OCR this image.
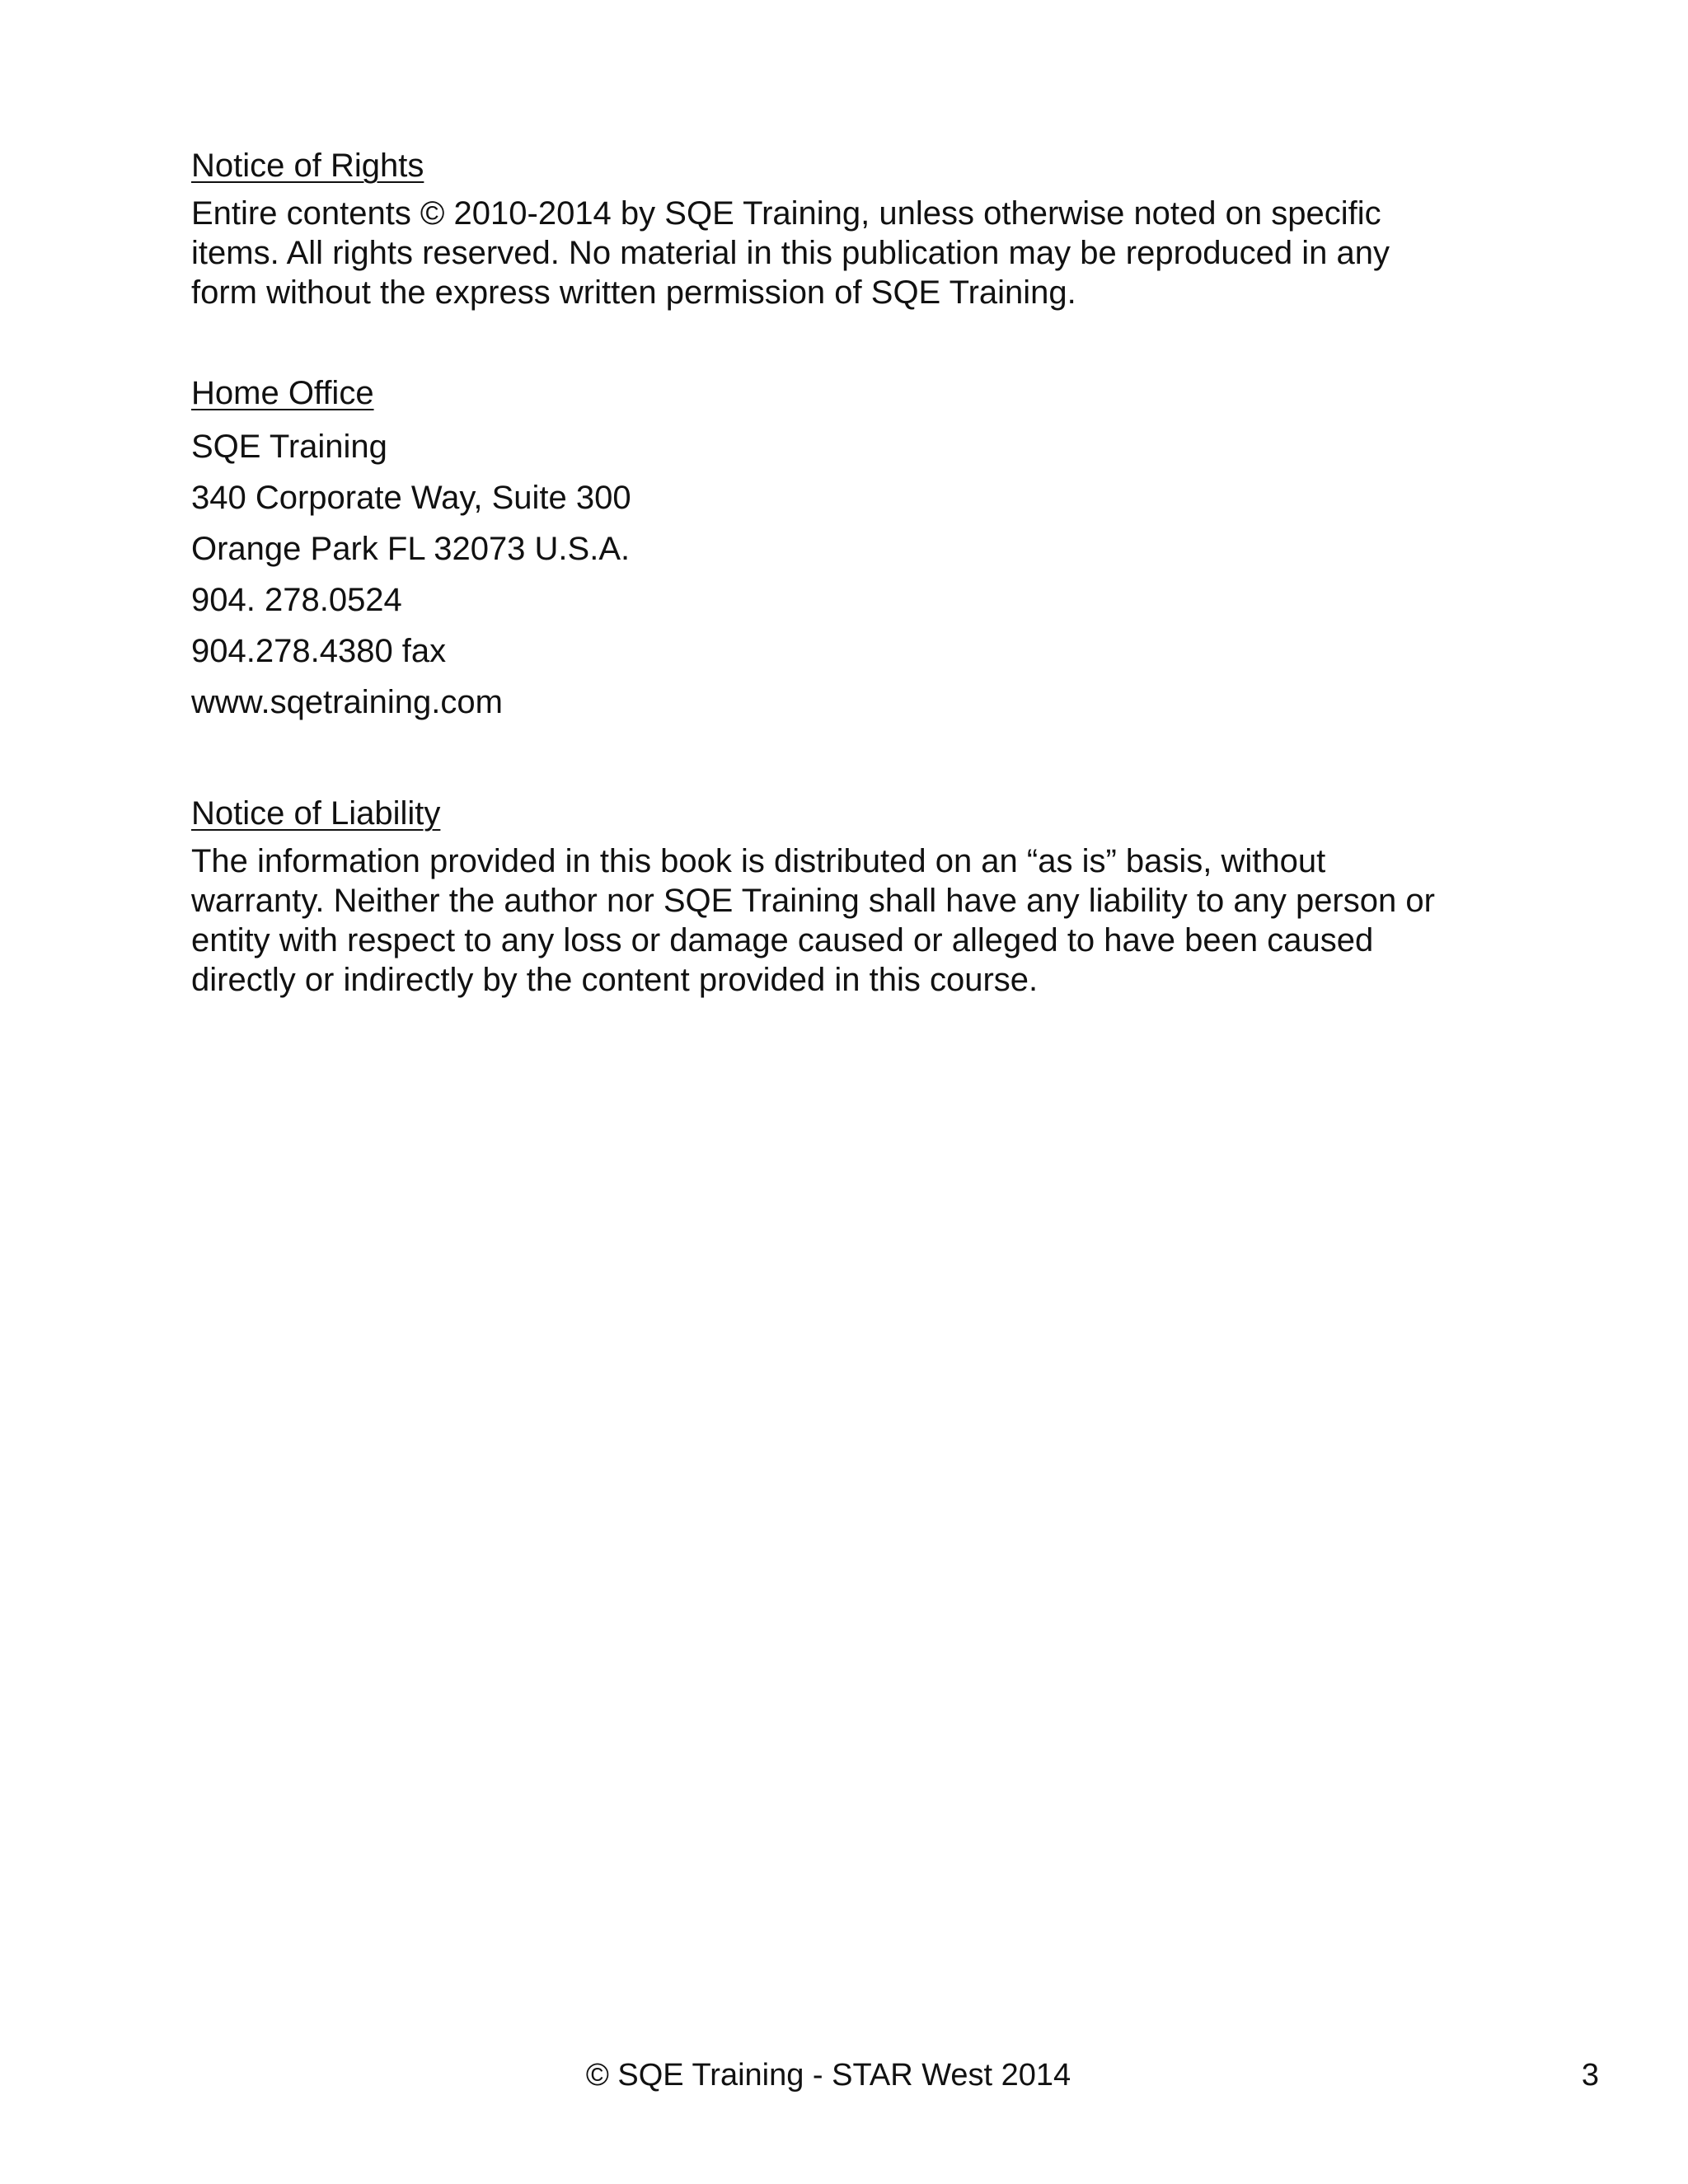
Notice of Rights

Entire contents © 2010-2014 by SQE Training, unless otherwise noted on specific

items. All rights reserved. No material in this publication may be reproduced in any

form without the express written permission of SQE Training.

Home Office

SQE Training

340 Corporate Way, Suite 300

Orange Park FL 32073 U.S.A.

904. 278.0524

904.278.4380 fax

www.sqetraining.com

Notice of Liability

The information provided in this book is distributed on an “as is” basis, without

warranty. Neither the author nor SQE Training shall have any liability to any person or

entity with respect to any loss or damage caused or alleged to have been caused

directly or indirectly by the content provided in this course.

© SQE Training - STAR West 2014	3
